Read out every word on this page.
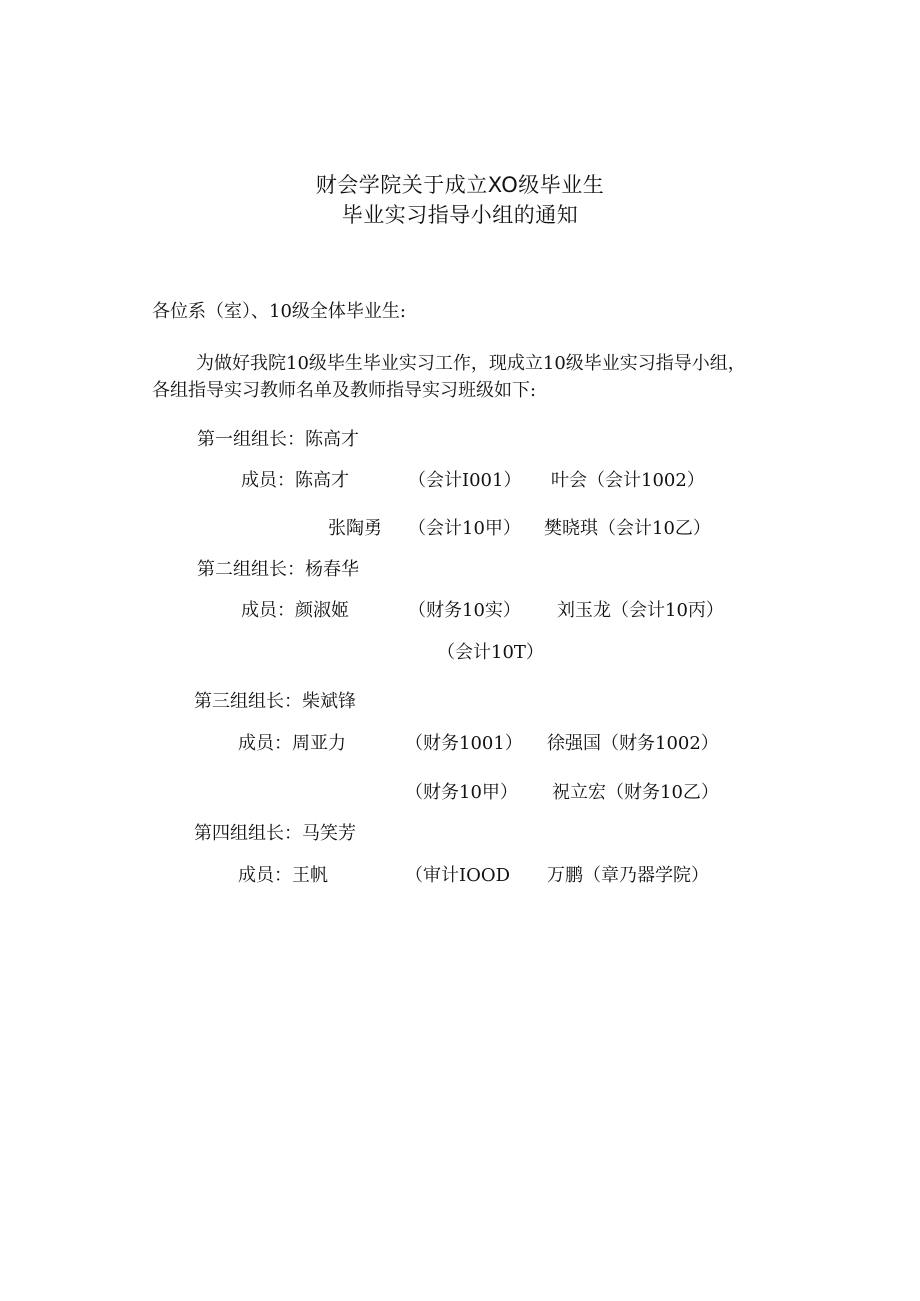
财会学院关于成立XO级毕业生
毕业实习指导小组的通知
各位系（室）、10级全体毕业生:
为做好我院10级毕生毕业实习工作，现成立10级毕业实习指导小组，
各组指导实习教师名单及教师指导实习班级如下:
第一组组长：陈高才
成员：陈高才	（会计I001） 叶会（会计1002）
张陶勇 （会计10甲） 樊晓琪（会计10乙）
第二组组长：杨春华
成员：颜淑姬	（财务10实） 刘玉龙（会计10丙）
（会计10T）
第三组组长：柴斌锋
成员：周亚力	（财务1001） 徐强国（财务1002）
（财务10甲） 祝立宏（财务10乙）
第四组组长：马笑芳
成员：王帆	（审计IOOD 万鹏（章乃器学院）
